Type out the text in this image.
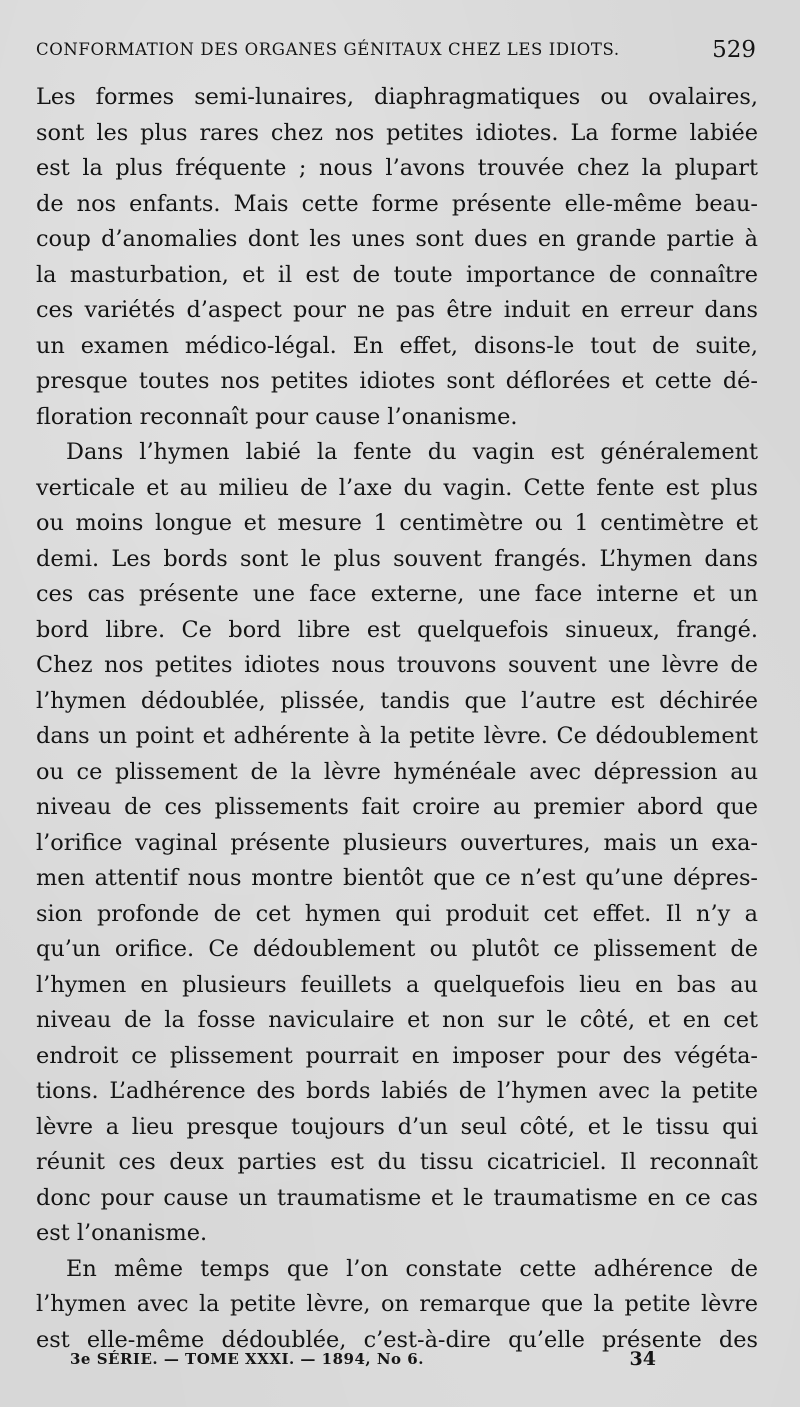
CONFORMATION DES ORGANES GÉNITAUX CHEZ LES IDIOTS.	529
Les formes semi-lunaires, diaphragmatiques ou ovalaires,
sont les plus rares chez nos petites idiotes. La forme labiée
est la plus fréquente ; nous l’avons trouvée chez la plupart
de nos enfants. Mais cette forme présente elle-même beau-
coup d’anomalies dont les unes sont dues en grande partie à
la masturbation, et il est de toute importance de connaître
ces variétés d’aspect pour ne pas être induit en erreur dans
un examen médico-légal. En effet, disons-le tout de suite,
presque toutes nos petites idiotes sont déflorées et cette dé-
floration reconnaît pour cause l’onanisme.
Dans l’hymen labié la fente du vagin est généralement
verticale et au milieu de l’axe du vagin. Cette fente est plus
ou moins longue et mesure 1 centimètre ou 1 centimètre et
demi. Les bords sont le plus souvent frangés. L’hymen dans
ces cas présente une face externe, une face interne et un
bord libre. Ce bord libre est quelquefois sinueux, frangé.
Chez nos petites idiotes nous trouvons souvent une lèvre de
l’hymen dédoublée, plissée, tandis que l’autre est déchirée
dans un point et adhérente à la petite lèvre. Ce dédoublement
ou ce plissement de la lèvre hyménéale avec dépression au
niveau de ces plissements fait croire au premier abord que
l’orifice vaginal présente plusieurs ouvertures, mais un exa-
men attentif nous montre bientôt que ce n’est qu’une dépres-
sion profonde de cet hymen qui produit cet effet. Il n’y a
qu’un orifice. Ce dédoublement ou plutôt ce plissement de
l’hymen en plusieurs feuillets a quelquefois lieu en bas au
niveau de la fosse naviculaire et non sur le côté, et en cet
endroit ce plissement pourrait en imposer pour des végéta-
tions. L’adhérence des bords labiés de l’hymen avec la petite
lèvre a lieu presque toujours d’un seul côté, et le tissu qui
réunit ces deux parties est du tissu cicatriciel. Il reconnaît
donc pour cause un traumatisme et le traumatisme en ce cas
est l’onanisme.
En même temps que l’on constate cette adhérence de
l’hymen avec la petite lèvre, on remarque que la petite lèvre
est elle-même dédoublée, c’est-à-dire qu’elle présente des
3e SÉRIE. — TOME XXXI. — 1894, No 6.	34
